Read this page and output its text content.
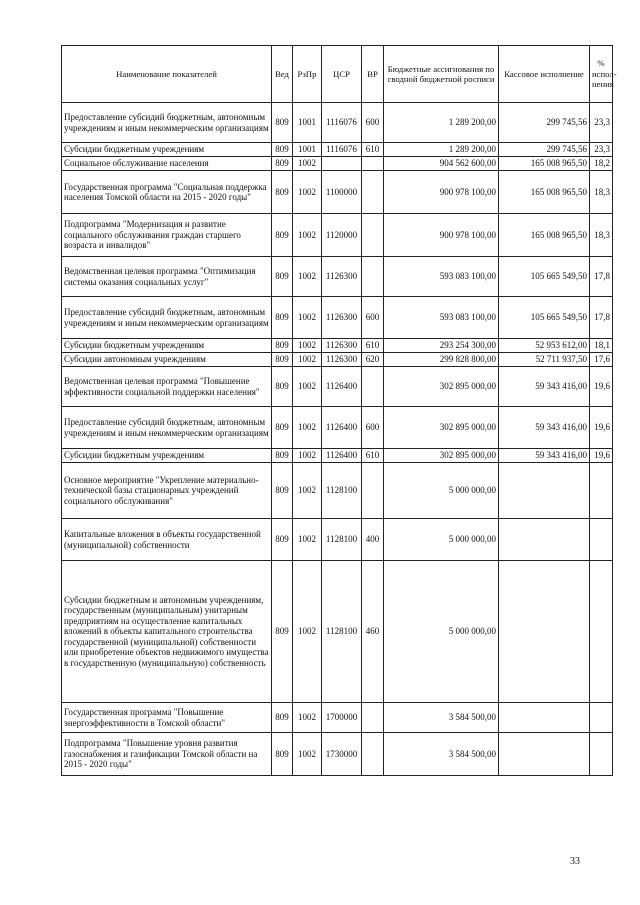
Наименование показателей	Вед	РзПр	ЦСР	ВР	Бюджетные ассигнования по сводной бюджетной росписи	Кассовое исполнение	% испол-нения
Предоставление субсидий бюджетным, автономным учреждениям и иным некоммерческим организациям	809	1001	1116076	600	1 289 200,00	299 745,56	23,3
Субсидии бюджетным учреждениям	809	1001	1116076	610	1 289 200,00	299 745,56	23,3
Социальное обслуживание населения	809	1002			904 562 600,00	165 008 965,50	18,2
Государственная программа "Социальная поддержка населения Томской области на 2015 - 2020 годы"	809	1002	1100000		900 978 100,00	165 008 965,50	18,3
Подпрограмма "Модернизация и развитие социального обслуживания граждан старшего возраста и инвалидов"	809	1002	1120000		900 978 100,00	165 008 965,50	18,3
Ведомственная целевая программа "Оптимизация системы оказания социальных услуг"	809	1002	1126300		593 083 100,00	105 665 549,50	17,8
Предоставление субсидий бюджетным, автономным учреждениям и иным некоммерческим организациям	809	1002	1126300	600	593 083 100,00	105 665 549,50	17,8
Субсидии бюджетным учреждениям	809	1002	1126300	610	293 254 300,00	52 953 612,00	18,1
Субсидии автономным учреждениям	809	1002	1126300	620	299 828 800,00	52 711 937,50	17,6
Ведомственная целевая программа "Повышение эффективности социальной поддержки населения"	809	1002	1126400		302 895 000,00	59 343 416,00	19,6
Предоставление субсидий бюджетным, автономным учреждениям и иным некоммерческим организациям	809	1002	1126400	600	302 895 000,00	59 343 416,00	19,6
Субсидии бюджетным учреждениям	809	1002	1126400	610	302 895 000,00	59 343 416,00	19,6
Основное мероприятие "Укрепление материально-технической базы стационарных учреждений социального обслуживания"	809	1002	1128100		5 000 000,00		
Капитальные вложения в объекты государственной (муниципальной) собственности	809	1002	1128100	400	5 000 000,00		
Субсидии бюджетным и автономным учреждениям, государственным (муниципальным) унитарным предприятиям на осуществление капитальных вложений в объекты капитального строительства государственной (муниципальной) собственности или приобретение объектов недвижимого имущества в государственную (муниципальную) собственность	809	1002	1128100	460	5 000 000,00		
Государственная программа "Повышение энергоэффективности в Томской области"	809	1002	1700000		3 584 500,00		
Подпрограмма "Повышение уровня развития газоснабжения и газификации Томской области на 2015 - 2020 годы"	809	1002	1730000		3 584 500,00		
33
